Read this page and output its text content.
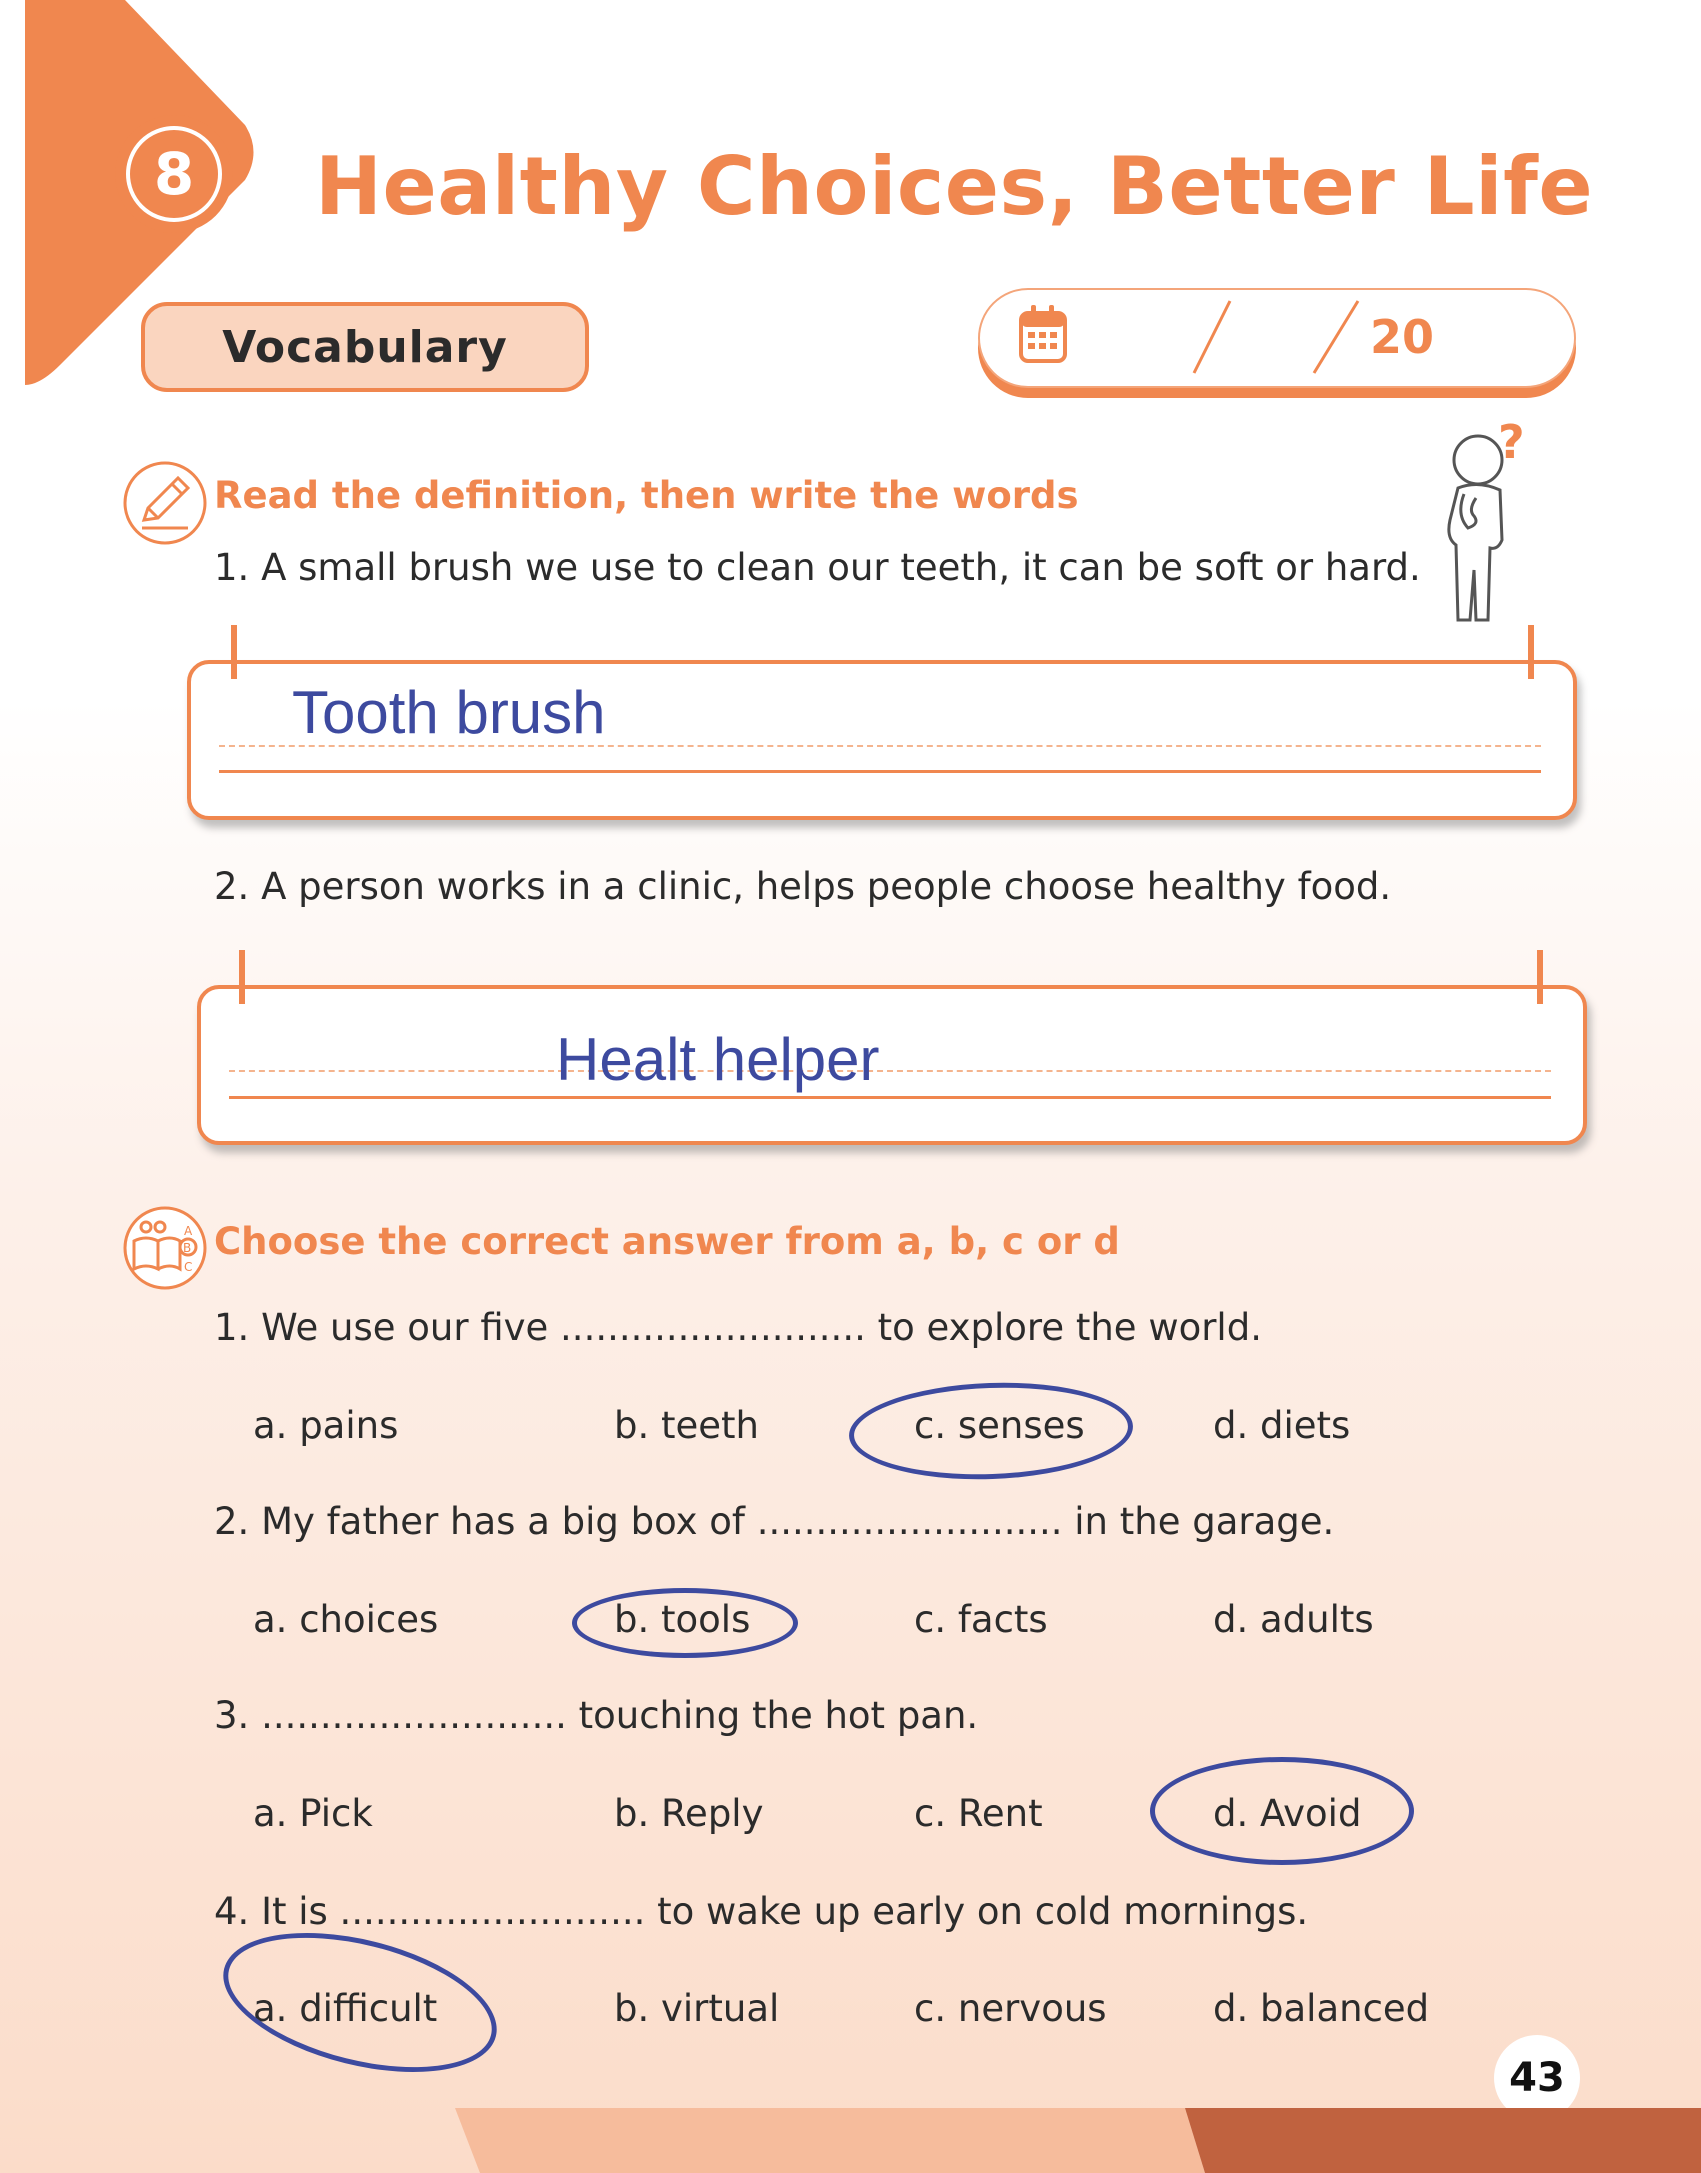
8	Healthy Choices, Better Life
Vocabulary	20
?
Read the definition, then write the words
1. A small brush we use to clean our teeth, it can be soft or hard.
Tooth brush
2. A person works in a clinic, helps people choose healthy food.
Healt helper
A
B
C
Choose the correct answer from a, b, c or d
1. We use our five .......................... to explore the world.
a. pains	b. teeth	c. senses	d. diets
2. My father has a big box of .......................... in the garage.
a. choices	b. tools	c. facts	d. adults
3. .......................... touching the hot pan.
a. Pick	b. Reply	c. Rent	d. Avoid
4. It is .......................... to wake up early on cold mornings.
a. difficult	b. virtual	c. nervous	d. balanced
43
